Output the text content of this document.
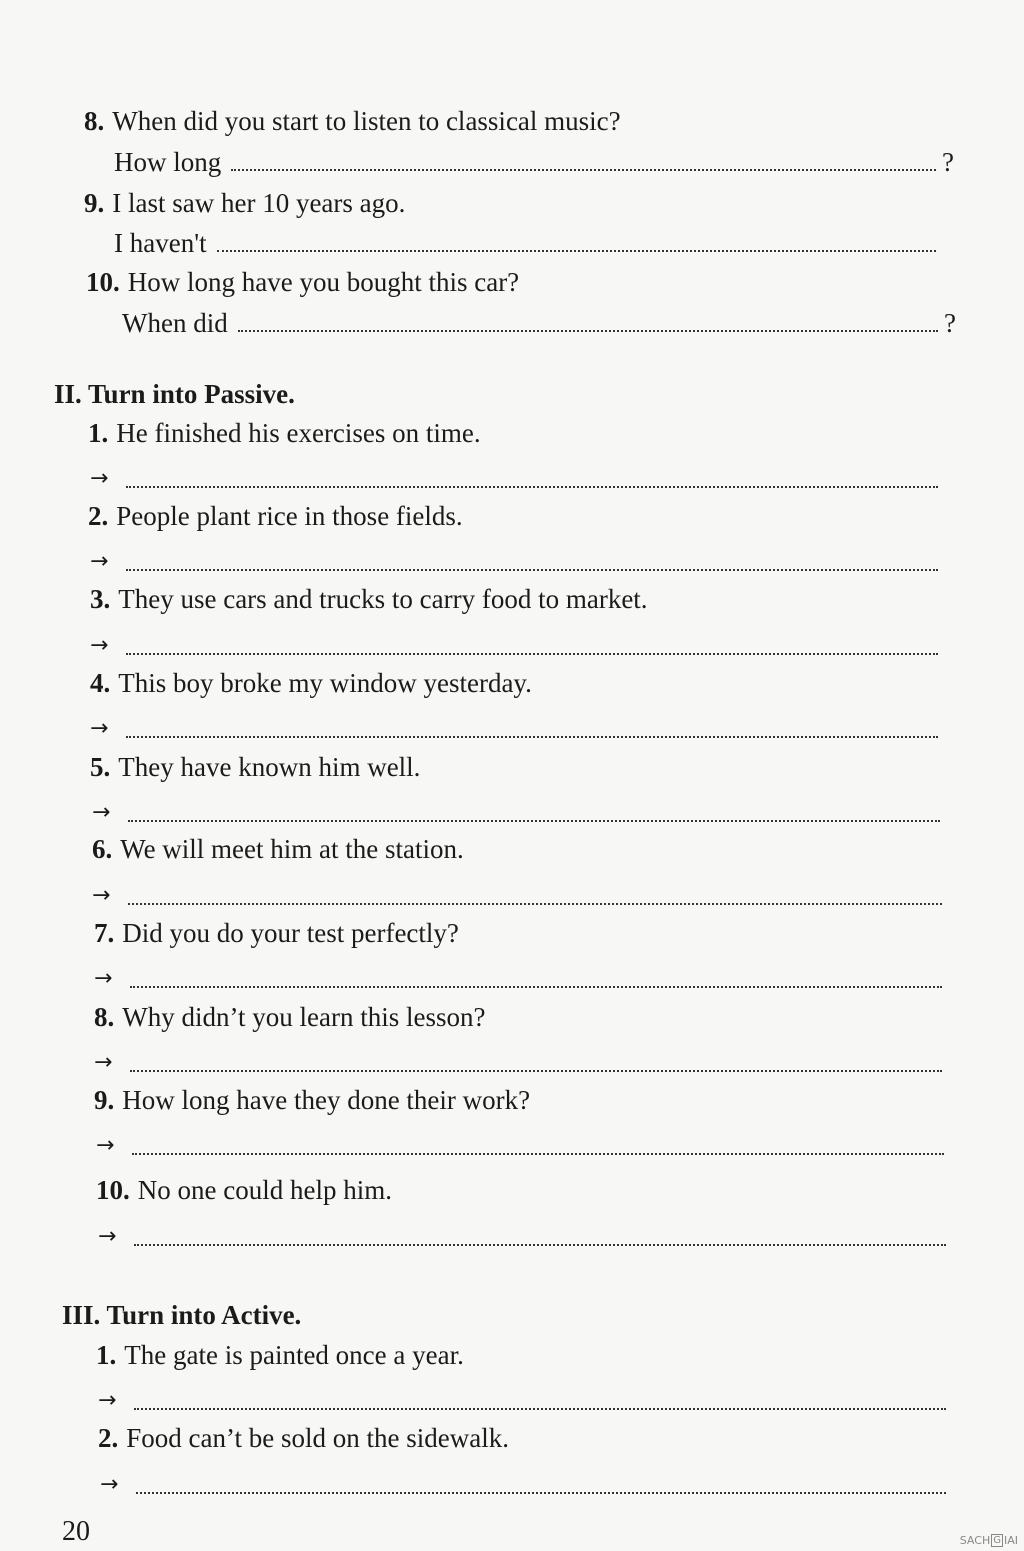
8. When did you start to listen to classical music?
How long	?
9. I last saw her 10 years ago.
I haven't
10. How long have you bought this car?
When did	?
II. Turn into Passive.
1. He finished his exercises on time.
→
2. People plant rice in those fields.
→
3. They use cars and trucks to carry food to market.
→
4. This boy broke my window yesterday.
→
5. They have known him well.
→
6. We will meet him at the station.
→
7. Did you do your test perfectly?
→
8. Why didn’t you learn this lesson?
→
9. How long have they done their work?
→
10. No one could help him.
→
III. Turn into Active.
1. The gate is painted once a year.
→
2. Food can’t be sold on the sidewalk.
→
20	SACH G IAI
